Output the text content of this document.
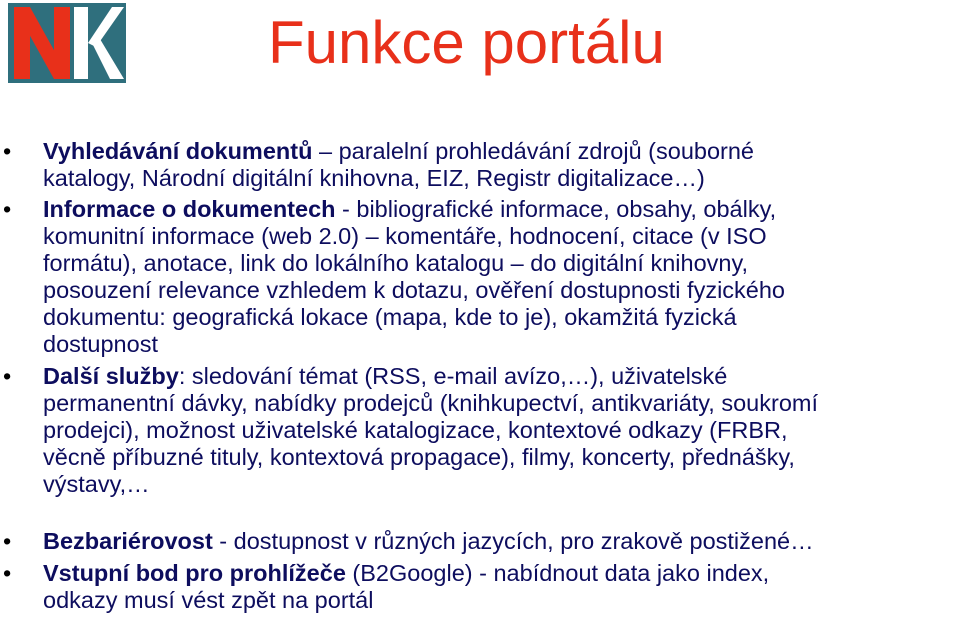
Funkce portálu
• Vyhledávání dokumentů – paralelní prohledávání zdrojů (souborné
katalogy, Národní digitální knihovna, EIZ, Registr digitalizace…)
• Informace o dokumentech - bibliografické informace, obsahy, obálky,
komunitní informace (web 2.0) – komentáře, hodnocení, citace (v ISO
formátu), anotace, link do lokálního katalogu – do digitální knihovny,
posouzení relevance vzhledem k dotazu, ověření dostupnosti fyzického
dokumentu: geografická lokace (mapa, kde to je), okamžitá fyzická
dostupnost
• Další služby: sledování témat (RSS, e-mail avízo,…), uživatelské
permanentní dávky, nabídky prodejců (knihkupectví, antikvariáty, soukromí
prodejci), možnost uživatelské katalogizace, kontextové odkazy (FRBR,
věcně příbuzné tituly, kontextová propagace), filmy, koncerty, přednášky,
výstavy,…
• Bezbariérovost - dostupnost v různých jazycích, pro zrakově postižené…
• Vstupní bod pro prohlížeče (B2Google) - nabídnout data jako index,
odkazy musí vést zpět na portál
